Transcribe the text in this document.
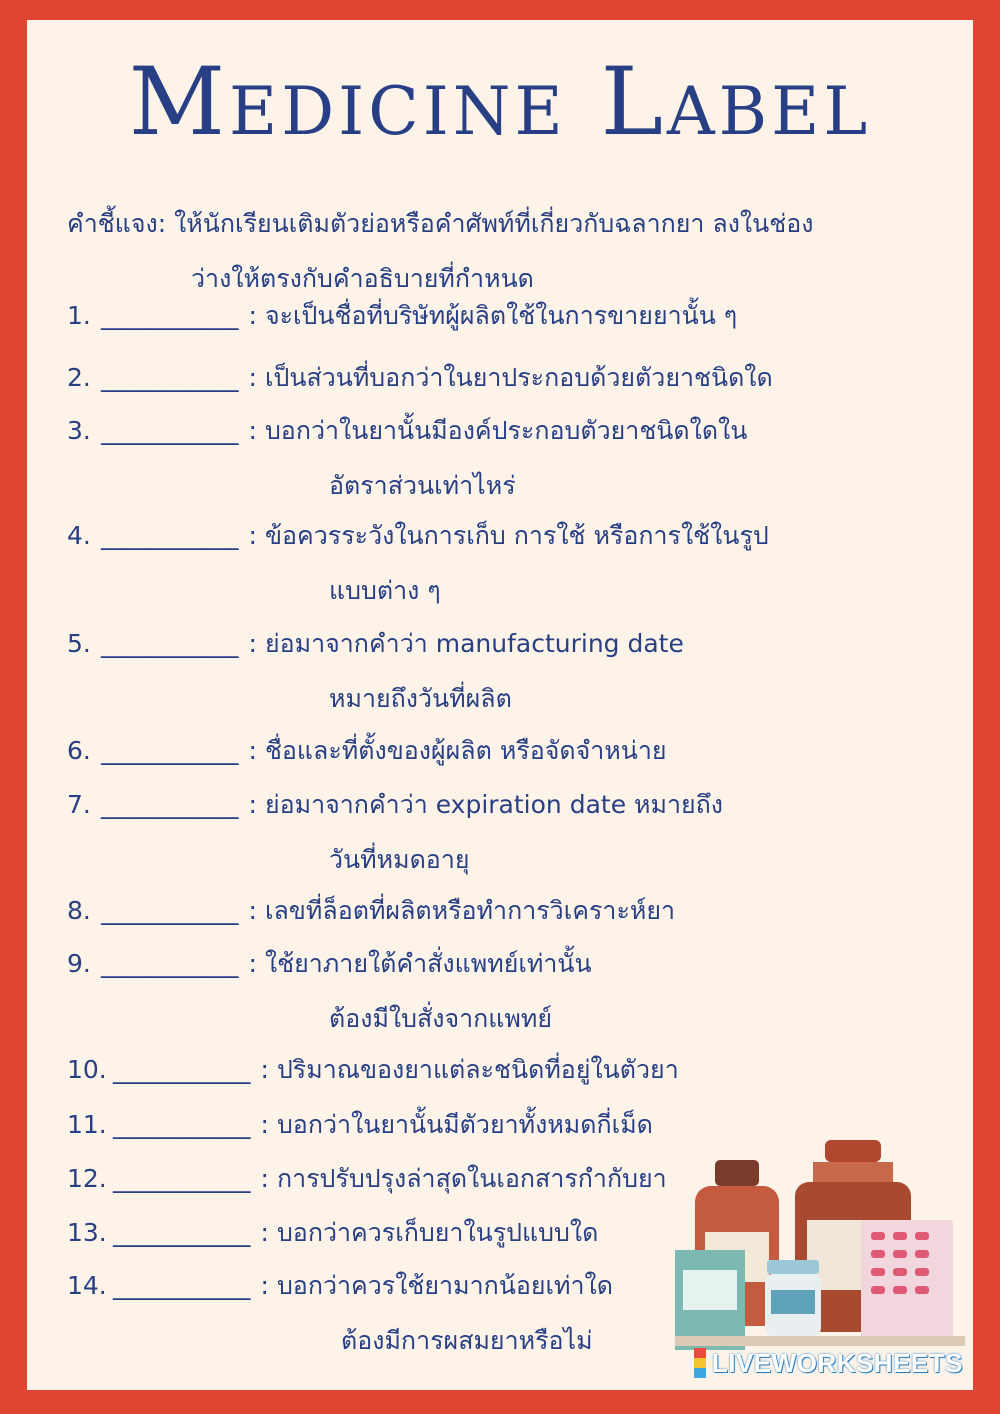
Medicine Label
คำชี้แจง: ให้นักเรียนเติมตัวย่อหรือคำศัพท์ที่เกี่ยวกับฉลากยา ลงในช่อง
ว่างให้ตรงกับคำอธิบายที่กำหนด
1. ___________ : จะเป็นชื่อที่บริษัทผู้ผลิตใช้ในการขายยานั้น ๆ
2. ___________ : เป็นส่วนที่บอกว่าในยาประกอบด้วยตัวยาชนิดใด
3. ___________ : บอกว่าในยานั้นมีองค์ประกอบตัวยาชนิดใดใน
อัตราส่วนเท่าไหร่
4. ___________ : ข้อควรระวังในการเก็บ การใช้ หรือการใช้ในรูป
แบบต่าง ๆ
5. ___________ : ย่อมาจากคำว่า manufacturing date
หมายถึงวันที่ผลิต
6. ___________ : ชื่อและที่ตั้งของผู้ผลิต หรือจัดจำหน่าย
7. ___________ : ย่อมาจากคำว่า expiration date หมายถึง
วันที่หมดอายุ
8. ___________ : เลขที่ล็อตที่ผลิตหรือทำการวิเคราะห์ยา
9. ___________ : ใช้ยาภายใต้คำสั่งแพทย์เท่านั้น
ต้องมีใบสั่งจากแพทย์
10. ___________ : ปริมาณของยาแต่ละชนิดที่อยู่ในตัวยา
11. ___________ : บอกว่าในยานั้นมีตัวยาทั้งหมดกี่เม็ด
12. ___________ : การปรับปรุงล่าสุดในเอกสารกำกับยา
13. ___________ : บอกว่าควรเก็บยาในรูปแบบใด
14. ___________ : บอกว่าควรใช้ยามากน้อยเท่าใด
ต้องมีการผสมยาหรือไม่
LIVEWORKSHEETS
